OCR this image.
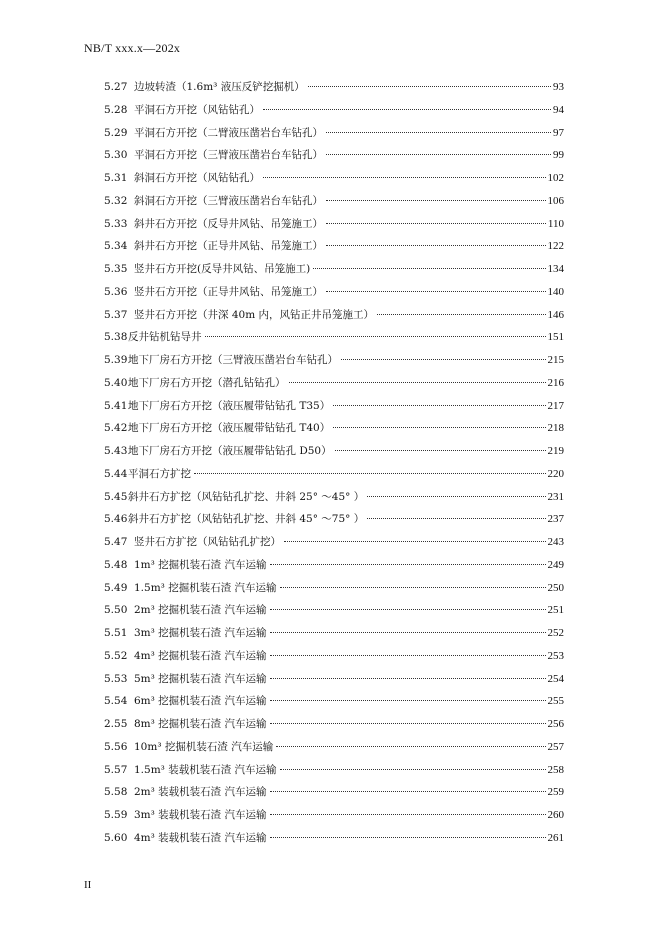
NB/T xxx.x—202x
5.27 边坡转渣（1.6m³ 液压反铲挖掘机）	93
5.28 平洞石方开挖（风钻钻孔）	94
5.29 平洞石方开挖（二臂液压凿岩台车钻孔）	97
5.30 平洞石方开挖（三臂液压凿岩台车钻孔）	99
5.31 斜洞石方开挖（风钻钻孔）	102
5.32 斜洞石方开挖（三臂液压凿岩台车钻孔）	106
5.33 斜井石方开挖（反导井风钻、吊笼施工）	110
5.34 斜井石方开挖（正导井风钻、吊笼施工）	122
5.35 竖井石方开挖(反导井风钻、吊笼施工)	134
5.36 竖井石方开挖（正导井风钻、吊笼施工）	140
5.37 竖井石方开挖（井深 40m 内，风钻正井吊笼施工）	146
5.38 反井钻机钻导井	151
5.39 地下厂房石方开挖（三臂液压凿岩台车钻孔）	215
5.40 地下厂房石方开挖（潜孔钻钻孔）	216
5.41 地下厂房石方开挖（液压履带钻钻孔 T35）	217
5.42 地下厂房石方开挖（液压履带钻钻孔 T40）	218
5.43 地下厂房石方开挖（液压履带钻钻孔 D50）	219
5.44 平洞石方扩挖	220
5.45 斜井石方扩挖（风钻钻孔扩挖、井斜 25° ～45° ）	231
5.46 斜井石方扩挖（风钻钻孔扩挖、井斜 45° ～75° ）	237
5.47 竖井石方扩挖（风钻钻孔扩挖）	243
5.48 1m³ 挖掘机装石渣 汽车运输	249
5.49 1.5m³ 挖掘机装石渣 汽车运输	250
5.50 2m³ 挖掘机装石渣 汽车运输	251
5.51 3m³ 挖掘机装石渣 汽车运输	252
5.52 4m³ 挖掘机装石渣 汽车运输	253
5.53 5m³ 挖掘机装石渣 汽车运输	254
5.54 6m³ 挖掘机装石渣 汽车运输	255
2.55 8m³ 挖掘机装石渣 汽车运输	256
5.56 10m³ 挖掘机装石渣 汽车运输	257
5.57 1.5m³ 装载机装石渣 汽车运输	258
5.58 2m³ 装载机装石渣 汽车运输	259
5.59 3m³ 装载机装石渣 汽车运输	260
5.60 4m³ 装载机装石渣 汽车运输	261
II
